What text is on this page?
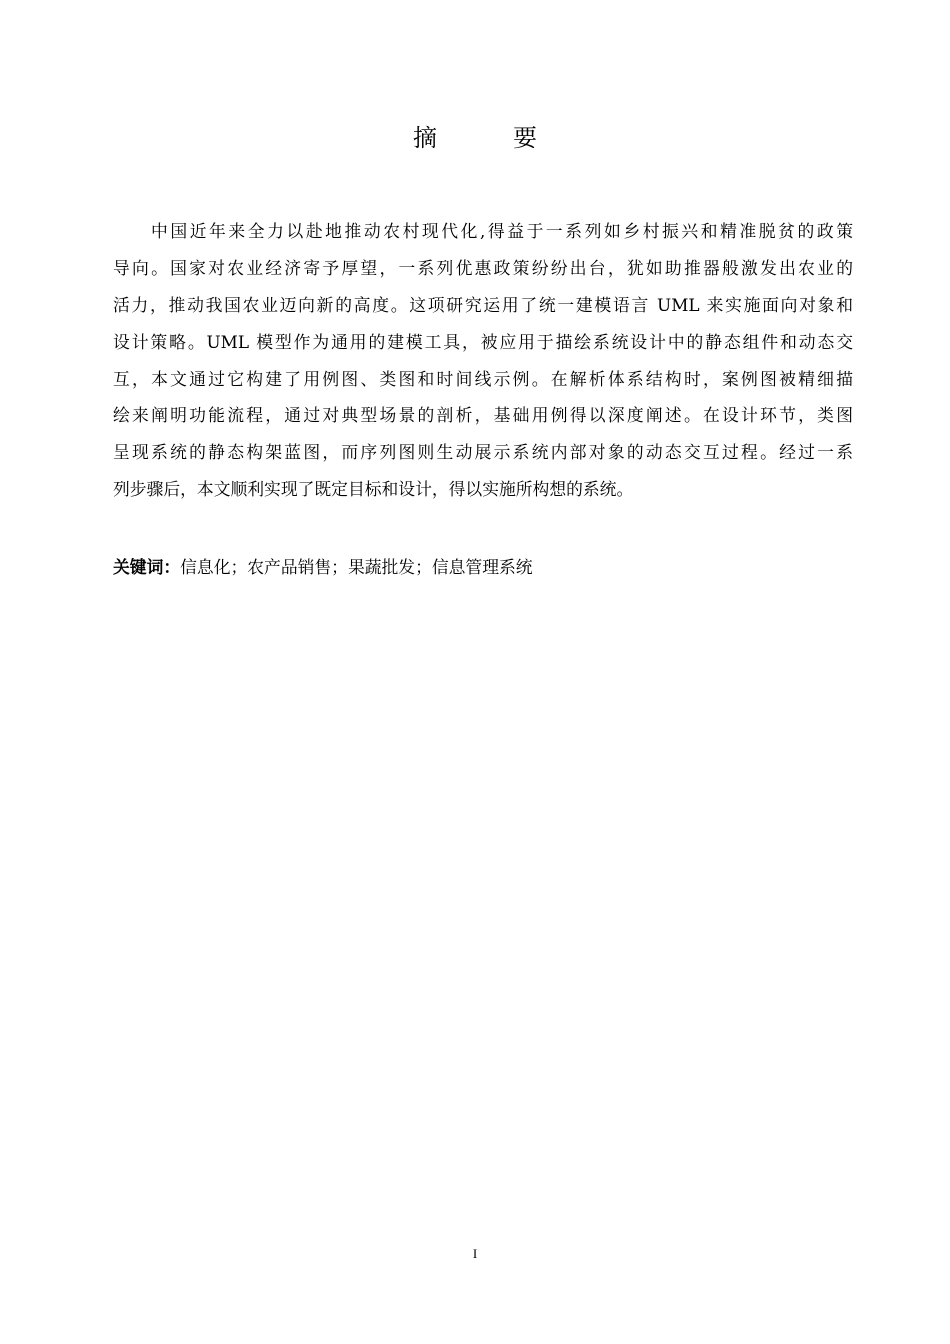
摘　要
中国近年来全力以赴地推动农村现代化,得益于一系列如乡村振兴和精准脱贫的政策
导向。国家对农业经济寄予厚望，一系列优惠政策纷纷出台，犹如助推器般激发出农业的
活力，推动我国农业迈向新的高度。这项研究运用了统一建模语言 UML 来实施面向对象和
设计策略。UML 模型作为通用的建模工具，被应用于描绘系统设计中的静态组件和动态交
互，本文通过它构建了用例图、类图和时间线示例。在解析体系结构时，案例图被精细描
绘来阐明功能流程，通过对典型场景的剖析，基础用例得以深度阐述。在设计环节，类图
呈现系统的静态构架蓝图，而序列图则生动展示系统内部对象的动态交互过程。经过一系
列步骤后，本文顺利实现了既定目标和设计，得以实施所构想的系统。
关键词：信息化；农产品销售；果蔬批发；信息管理系统
I
